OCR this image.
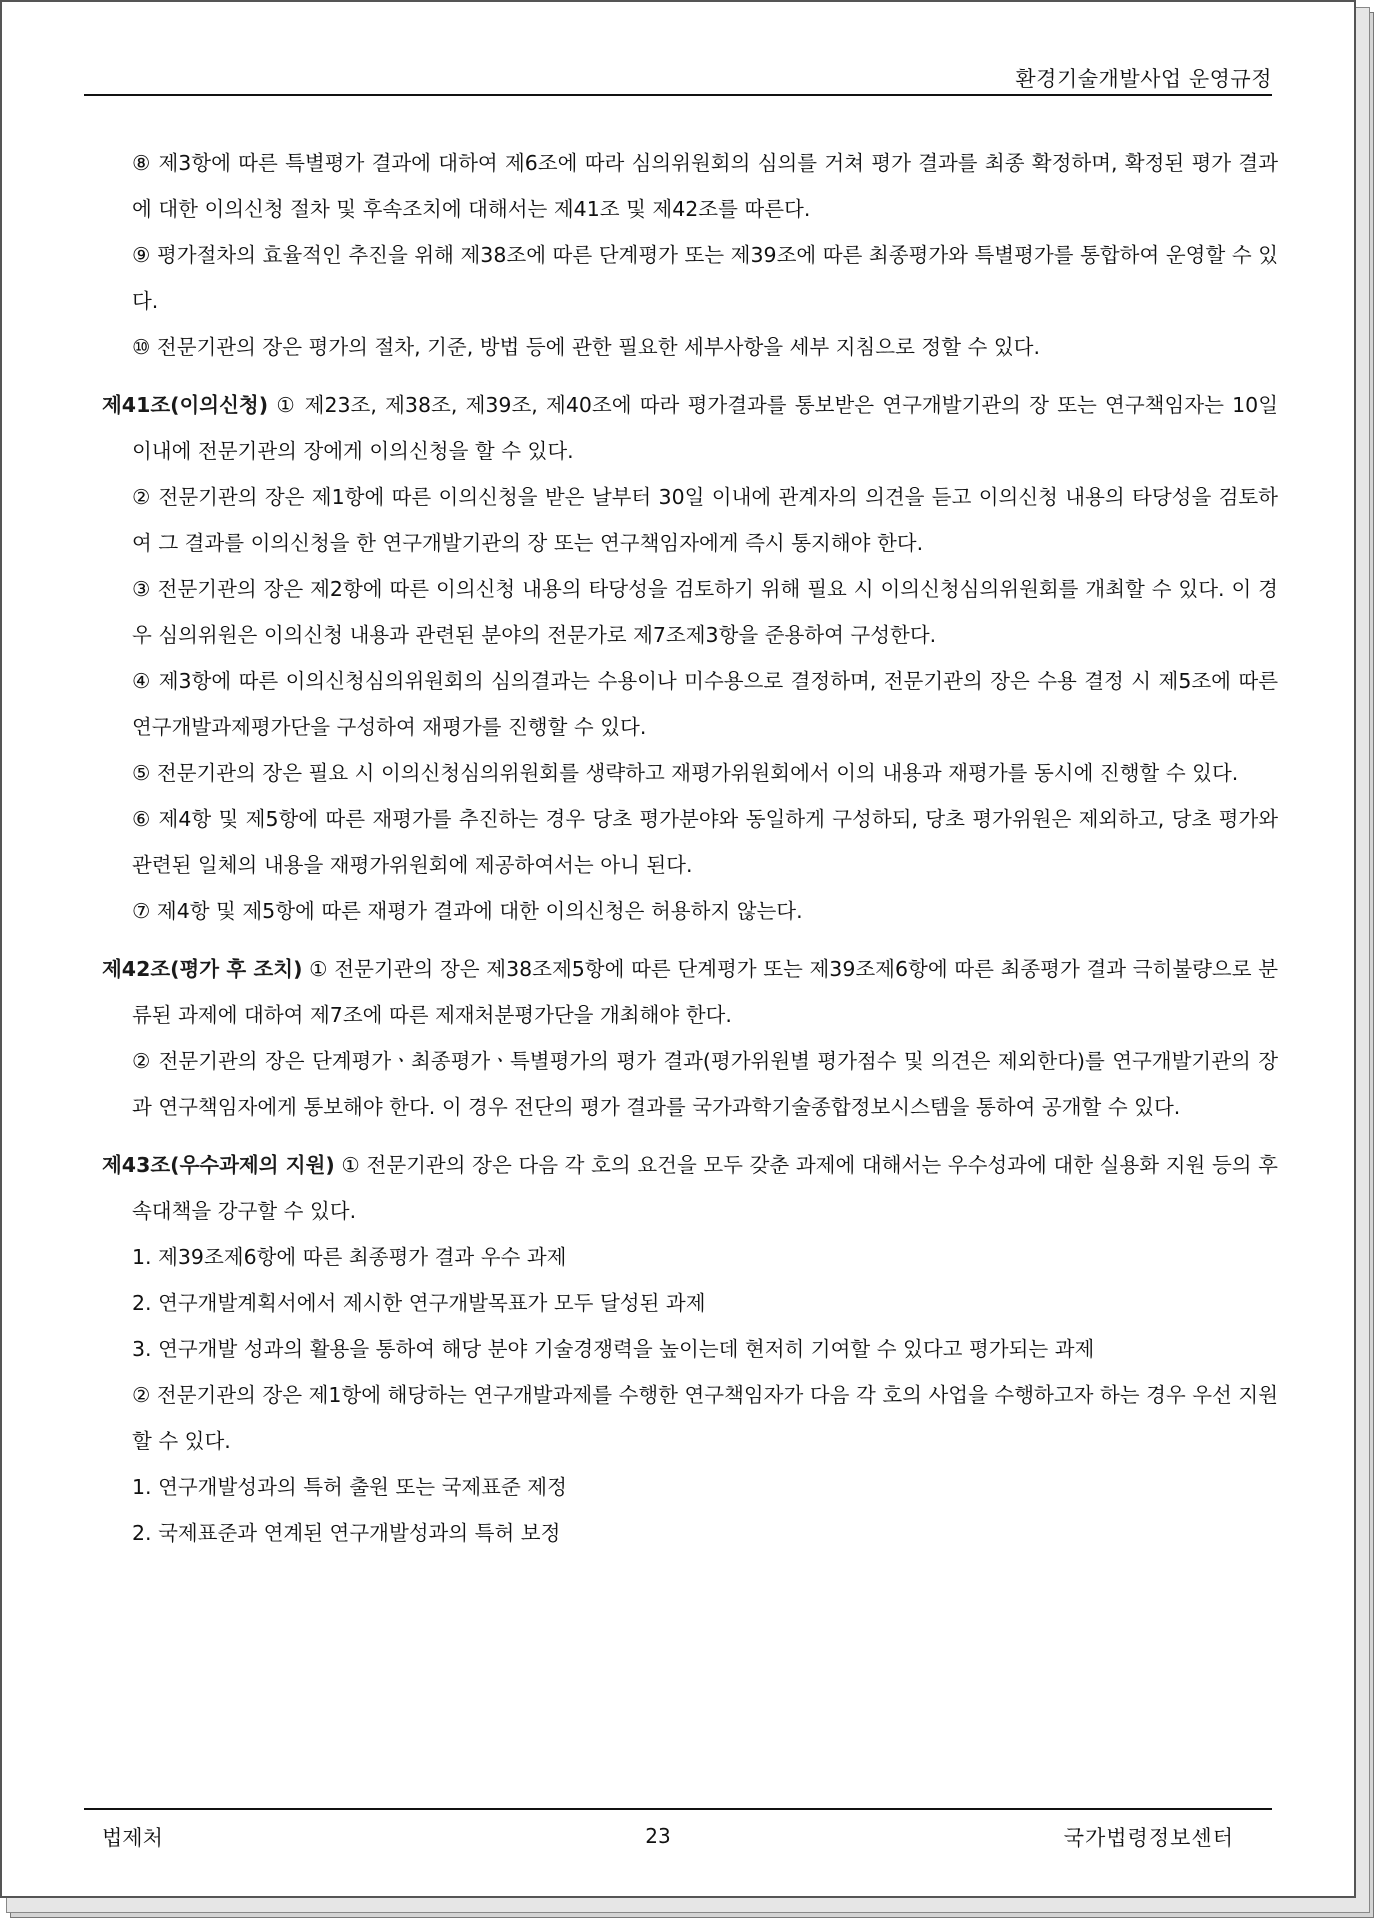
환경기술개발사업 운영규정

⑧ 제3항에 따른 특별평가 결과에 대하여 제6조에 따라 심의위원회의 심의를 거쳐 평가 결과를 최종 확정하며, 확정된 평가 결과에 대한 이의신청 절차 및 후속조치에 대해서는 제41조 및 제42조를 따른다.

⑨ 평가절차의 효율적인 추진을 위해 제38조에 따른 단계평가 또는 제39조에 따른 최종평가와 특별평가를 통합하여 운영할 수 있다.

⑩ 전문기관의 장은 평가의 절차, 기준, 방법 등에 관한 필요한 세부사항을 세부 지침으로 정할 수 있다.

제41조(이의신청) ① 제23조, 제38조, 제39조, 제40조에 따라 평가결과를 통보받은 연구개발기관의 장 또는 연구책임자는 10일 이내에 전문기관의 장에게 이의신청을 할 수 있다.

② 전문기관의 장은 제1항에 따른 이의신청을 받은 날부터 30일 이내에 관계자의 의견을 듣고 이의신청 내용의 타당성을 검토하여 그 결과를 이의신청을 한 연구개발기관의 장 또는 연구책임자에게 즉시 통지해야 한다.

③ 전문기관의 장은 제2항에 따른 이의신청 내용의 타당성을 검토하기 위해 필요 시 이의신청심의위원회를 개최할 수 있다. 이 경우 심의위원은 이의신청 내용과 관련된 분야의 전문가로 제7조제3항을 준용하여 구성한다.

④ 제3항에 따른 이의신청심의위원회의 심의결과는 수용이나 미수용으로 결정하며, 전문기관의 장은 수용 결정 시 제5조에 따른 연구개발과제평가단을 구성하여 재평가를 진행할 수 있다.

⑤ 전문기관의 장은 필요 시 이의신청심의위원회를 생략하고 재평가위원회에서 이의 내용과 재평가를 동시에 진행할 수 있다.

⑥ 제4항 및 제5항에 따른 재평가를 추진하는 경우 당초 평가분야와 동일하게 구성하되, 당초 평가위원은 제외하고, 당초 평가와 관련된 일체의 내용을 재평가위원회에 제공하여서는 아니 된다.

⑦ 제4항 및 제5항에 따른 재평가 결과에 대한 이의신청은 허용하지 않는다.

제42조(평가 후 조치) ① 전문기관의 장은 제38조제5항에 따른 단계평가 또는 제39조제6항에 따른 최종평가 결과 극히불량으로 분류된 과제에 대하여 제7조에 따른 제재처분평가단을 개최해야 한다.

② 전문기관의 장은 단계평가ㆍ최종평가ㆍ특별평가의 평가 결과(평가위원별 평가점수 및 의견은 제외한다)를 연구개발기관의 장과 연구책임자에게 통보해야 한다. 이 경우 전단의 평가 결과를 국가과학기술종합정보시스템을 통하여 공개할 수 있다.

제43조(우수과제의 지원) ① 전문기관의 장은 다음 각 호의 요건을 모두 갖춘 과제에 대해서는 우수성과에 대한 실용화 지원 등의 후속대책을 강구할 수 있다.

1. 제39조제6항에 따른 최종평가 결과 우수 과제

2. 연구개발계획서에서 제시한 연구개발목표가 모두 달성된 과제

3. 연구개발 성과의 활용을 통하여 해당 분야 기술경쟁력을 높이는데 현저히 기여할 수 있다고 평가되는 과제

② 전문기관의 장은 제1항에 해당하는 연구개발과제를 수행한 연구책임자가 다음 각 호의 사업을 수행하고자 하는 경우 우선 지원할 수 있다.

1. 연구개발성과의 특허 출원 또는 국제표준 제정

2. 국제표준과 연계된 연구개발성과의 특허 보정

법제처	23	국가법령정보센터
